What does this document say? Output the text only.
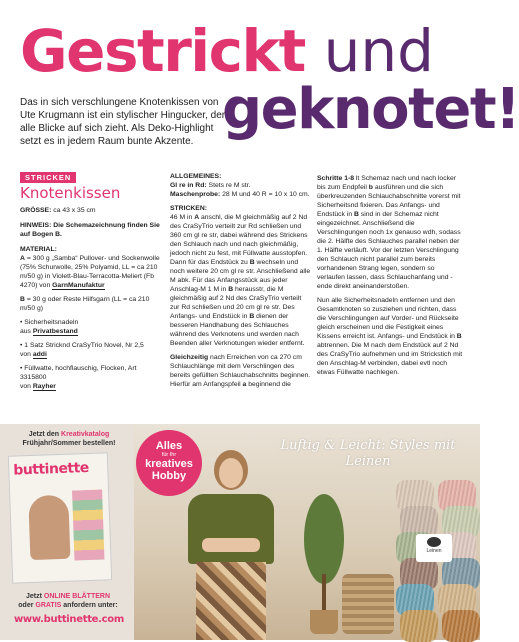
Gestrickt und
geknotet!

Das in sich verschlungene Knotenkissen von Ute Krugmann ist ein stylischer Hingucker, der alle Blicke auf sich zieht. Als Deko-Highlight setzt es in jedem Raum bunte Akzente.

STRICKEN
Knotenkissen
GRÖSSE: ca 43 x 35 cm
HINWEIS: Die Schemazeichnung finden Sie auf Bogen B.
MATERIAL:
A = 300 g „Samba“ Pullover- und Sockenwolle (75% Schurwolle, 25% Polyamid, LL = ca 210 m/50 g) in Violett-Blau-Terracotta-Meliert (Fb 4270) von GarnManufaktur
B = 30 g oder Reste Hilfsgarn (LL = ca 210 m/50 g)
• Sicherheitsnadeln
aus Privatbestand
• 1 Satz Stricknd CraSyTrio Novel, Nr 2,5
von addi
• Füllwatte, hochflauschig, Flocken, Art 3315800
von Rayher
ALLGEMEINES:
Gl re in Rd: Stets re M str.
Maschenprobe: 28 M und 40 R = 10 x 10 cm.
STRICKEN:
46 M in A anschl, die M gleichmäßig auf 2 Nd des CraSyTrio verteilt zur Rd schließen und 360 cm gl re str, dabei während des Strickens den Schlauch nach und nach gleichmäßig, jedoch nicht zu fest, mit Füllwatte ausstopfen. Dann für das Endstück zu B wechseln und noch weitere 20 cm gl re str. Anschließend alle M abk. Für das Anfangsstück aus jeder Anschlag-M 1 M in B herausstr, die M gleichmäßig auf 2 Nd des CraSyTrio verteilt zur Rd schließen und 20 cm gl re str. Des Anfangs- und Endstück in B dienen der besseren Handhabung des Schlauches während des Verknotens und werden nach Beenden aller Verknotungen wieder entfernt.
Gleichzeitig nach Erreichen von ca 270 cm Schlauchlänge mit dem Verschlingen des bereits gefüllten Schlauchabschnitts beginnen. Hierfür am Anfangspfeil a beginnend die
Schritte 1-8 lt Schemaz nach und nach locker bis zum Endpfeil b ausführen und die sich überkreuzenden Schlauchabschnitte vorerst mit Sicherheitsnd fixieren. Das Anfangs- und Endstück in B sind in der Schemaz nicht eingezeichnet. Anschließend die Verschlingungen noch 1x genauso wdh, sodass die 2. Hälfte des Schlauches parallel neben der 1. Hälfte verläuft. Vor der letzten Verschlingung den Schlauch nicht parallel zum bereits vorhandenen Strang legen, sondern so verlaufen lassen, dass Schlauchanfang und -ende direkt aneinanderstoßen.
Nun alle Sicherheitsnadeln entfernen und den Gesamtknoten so zusziehen und richten, dass die Verschlingungen auf Vorder- und Rückseite gleich erscheinen und die Festigkeit eines Kissens erreicht ist. Anfangs- und Endstück in B abtrennen. Die M nach dem Endstück auf 2 Nd des CraSyTrio aufnehmen und im Strickstich mit den Anschlag-M verbinden, dabei evtl noch etwas Füllwatte nachlegen.
Jetzt den Kreativkatalog
Frühjahr/Sommer bestellen!
buttinette
Jetzt ONLINE BLÄTTERN
oder GRATIS anfordern unter:
www.buttinette.com
Alles
für Ihr
kreatives
Hobby
Luftig & Leicht: Styles mit Leinen
Leinen
